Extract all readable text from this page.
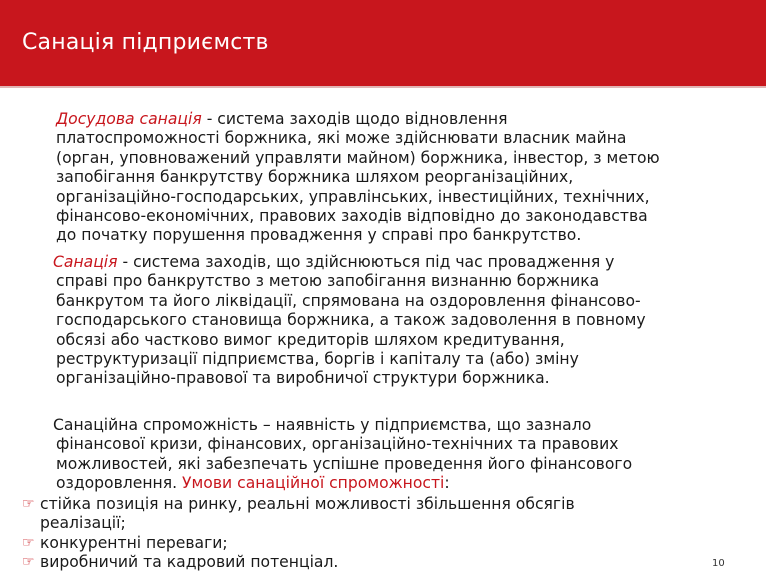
Санація підприємств
Досудова санація - система заходів щодо відновлення
платоспроможності боржника, які може здійснювати власник майна
(орган, уповноважений управляти майном) боржника, інвестор, з метою
запобігання банкрутству боржника шляхом реорганізаційних,
організаційно-господарських, управлінських, інвестиційних, технічних,
фінансово-економічних, правових заходів відповідно до законодавства
до початку порушення провадження у справі про банкрутство.
Санація - система заходів, що здійснюються під час провадження у
справі про банкрутство з метою запобігання визнанню боржника
банкрутом та його ліквідації, спрямована на оздоровлення фінансово-
господарського становища боржника, а також задоволення в повному
обсязі або частково вимог кредиторів шляхом кредитування,
реструктуризації підприємства, боргів і капіталу та (або) зміну
організаційно-правової та виробничої структури боржника.
Санаційна спроможність – наявність у підприємства, що зазнало
фінансової кризи, фінансових, організаційно-технічних та правових
можливостей, які забезпечать успішне проведення його фінансового
оздоровлення. Умови санаційної спроможності:
☞ стійка позиція на ринку, реальні можливості збільшення обсягів
реалізації;
☞ конкурентні переваги;
☞ виробничий та кадровий потенціал.	10
